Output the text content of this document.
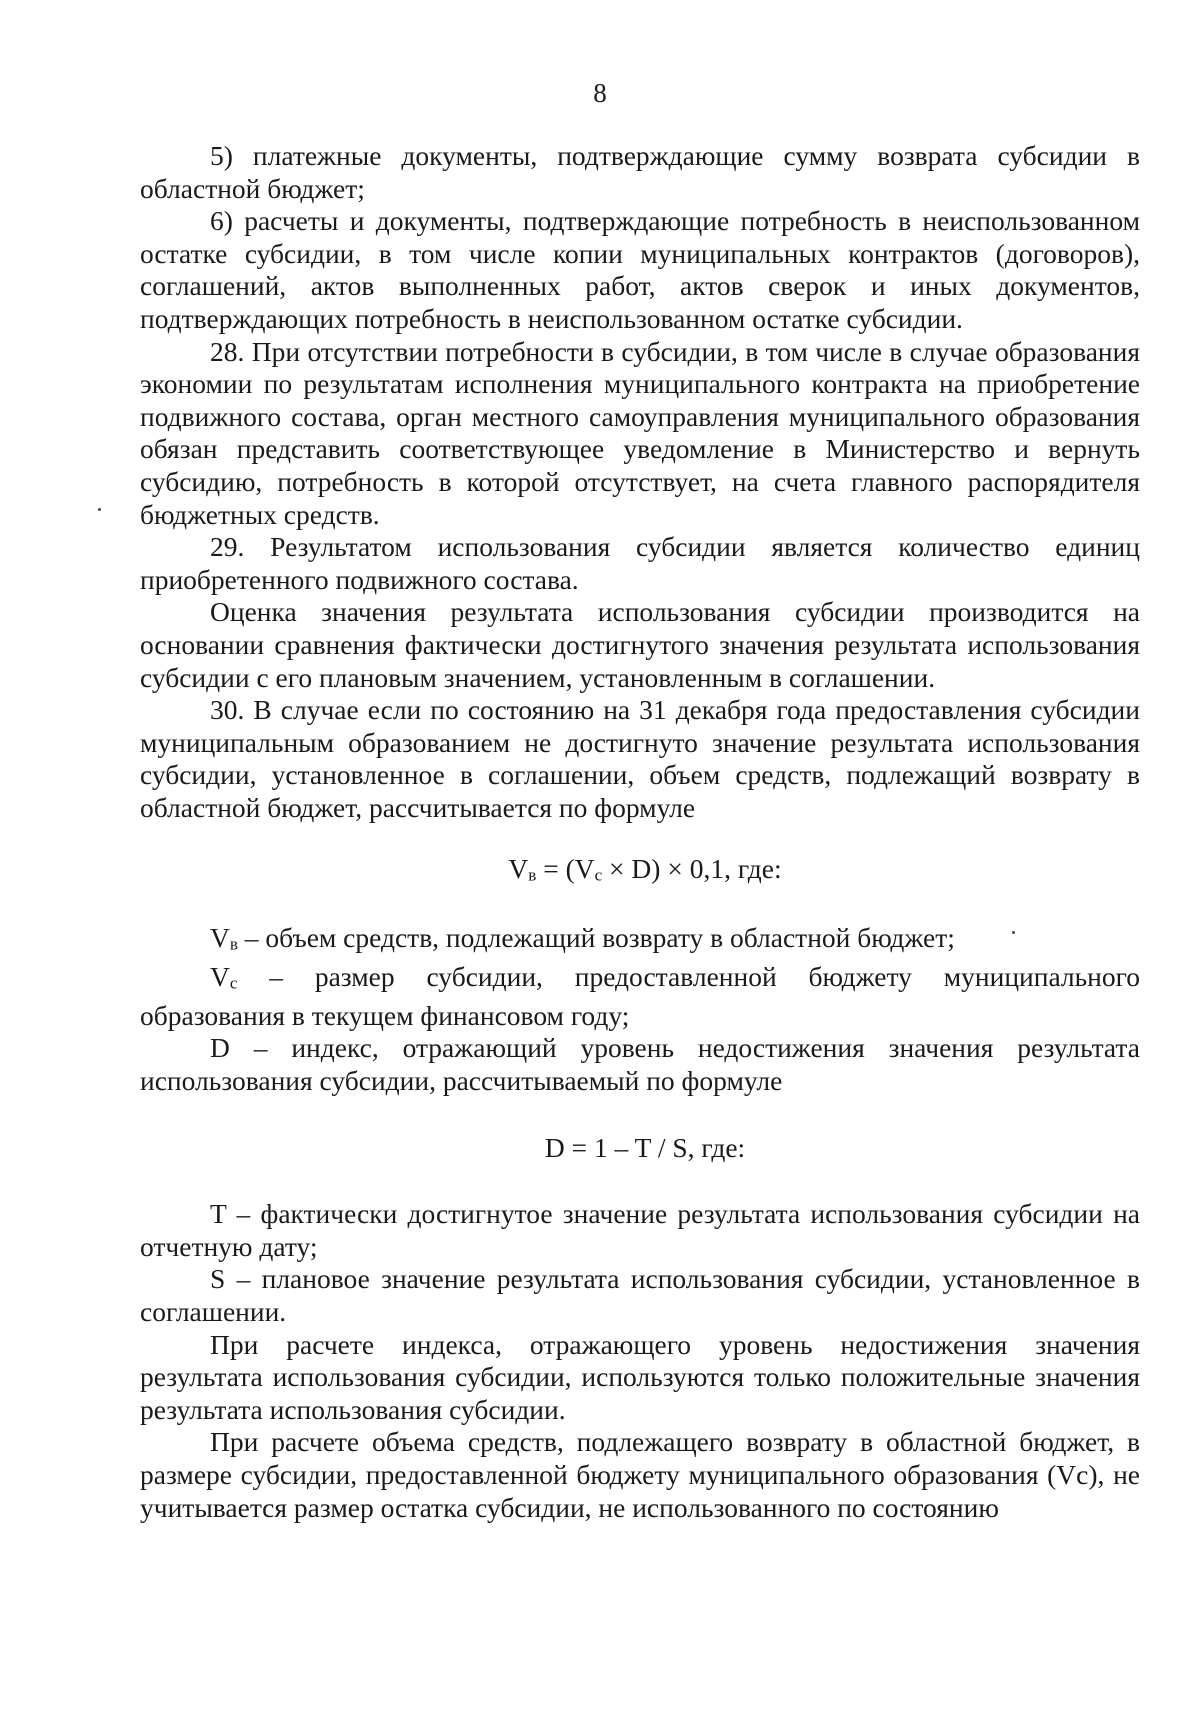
8

5) платежные документы, подтверждающие сумму возврата субсидии в областной бюджет;

6) расчеты и документы, подтверждающие потребность в неиспользованном остатке субсидии, в том числе копии муниципальных контрактов (договоров), соглашений, актов выполненных работ, актов сверок и иных документов, подтверждающих потребность в неиспользованном остатке субсидии.

28. При отсутствии потребности в субсидии, в том числе в случае образования экономии по результатам исполнения муниципального контракта на приобретение подвижного состава, орган местного самоуправления муниципального образования обязан представить соответствующее уведомление в Министерство и вернуть субсидию, потребность в которой отсутствует, на счета главного распорядителя бюджетных средств.

29. Результатом использования субсидии является количество единиц приобретенного подвижного состава.

Оценка значения результата использования субсидии производится на основании сравнения фактически достигнутого значения результата использования субсидии с его плановым значением, установленным в соглашении.

30. В случае если по состоянию на 31 декабря года предоставления субсидии муниципальным образованием не достигнуто значение результата использования субсидии, установленное в соглашении, объем средств, подлежащий возврату в областной бюджет, рассчитывается по формуле

Vв = (Vс × D) × 0,1, где:

Vв – объем средств, подлежащий возврату в областной бюджет;

Vс – размер субсидии, предоставленной бюджету муниципального образования в текущем финансовом году;

D – индекс, отражающий уровень недостижения значения результата использования субсидии, рассчитываемый по формуле

D = 1 – T / S, где:

T – фактически достигнутое значение результата использования субсидии на отчетную дату;

S – плановое значение результата использования субсидии, установленное в соглашении.

При расчете индекса, отражающего уровень недостижения значения результата использования субсидии, используются только положительные значения результата использования субсидии.

При расчете объема средств, подлежащего возврату в областной бюджет, в размере субсидии, предоставленной бюджету муниципального образования (Vс), не учитывается размер остатка субсидии, не использованного по состоянию
